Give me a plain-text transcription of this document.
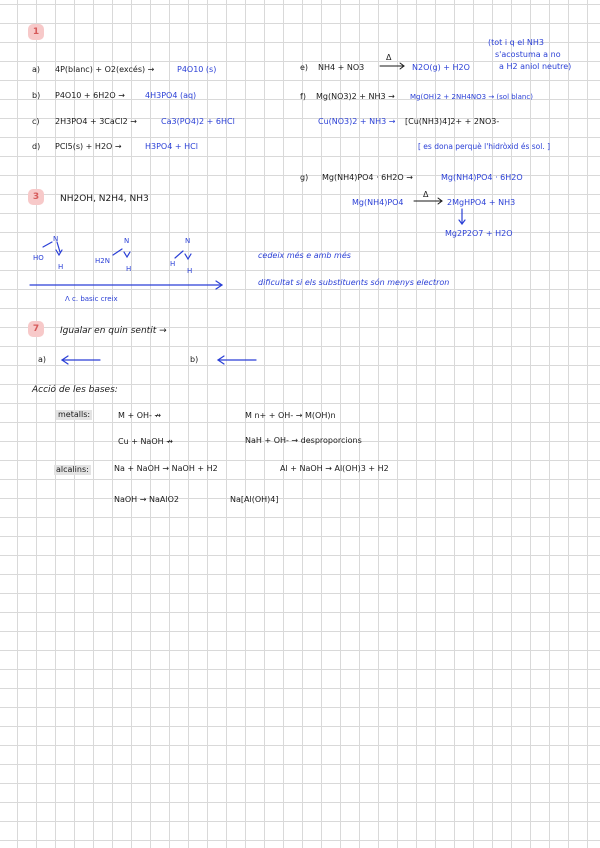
1
a) 4P(blanc) + O2(excés) →	P4O10 (s)
b) P4O10 + 6H2O →	4H3PO4 (aq)
c) 2H3PO4 + 3CaCl2 →	Ca3(PO4)2 + 6HCl
d) PCl5(s) + H2O →	H3PO4 + HCl
e) NH4 + NO3
Δ
N2O(g) + H2O
(tot i q el NH3
s'acostuma a no
a H2 aniol neutre)
f) Mg(NO3)2 + NH3 → Mg(OH)2 + 2NH4NO3 → (sol blanc)
Cu(NO3)2 + NH3 → [Cu(NH3)4]2+ + 2NO3-
[ es dona perquè l'hidròxid és sol. ]
g) Mg(NH4)PO4 · 6H2O →	Mg(NH4)PO4 · 6H2O
Mg(NH4)PO4
Δ
2MgHPO4 + NH3
Mg2P2O7 + H2O
3	NH2OH, N2H4, NH3
N
HO
H
N
H2N
H
N
H
H
Λ c. basic creix
cedeix més e amb més
dificultat si els substituents són menys electron
7	Igualar en quin sentit →
a)	b)
Acció de les bases:
metalls:	M + OH- ↛	M n+ + OH- → M(OH)n
Cu + NaOH ↛	NaH + OH- → desproporcions
alcalins:	Na + NaOH → NaOH + H2	Al + NaOH → Al(OH)3 + H2
NaOH → NaAlO2	Na[Al(OH)4]
